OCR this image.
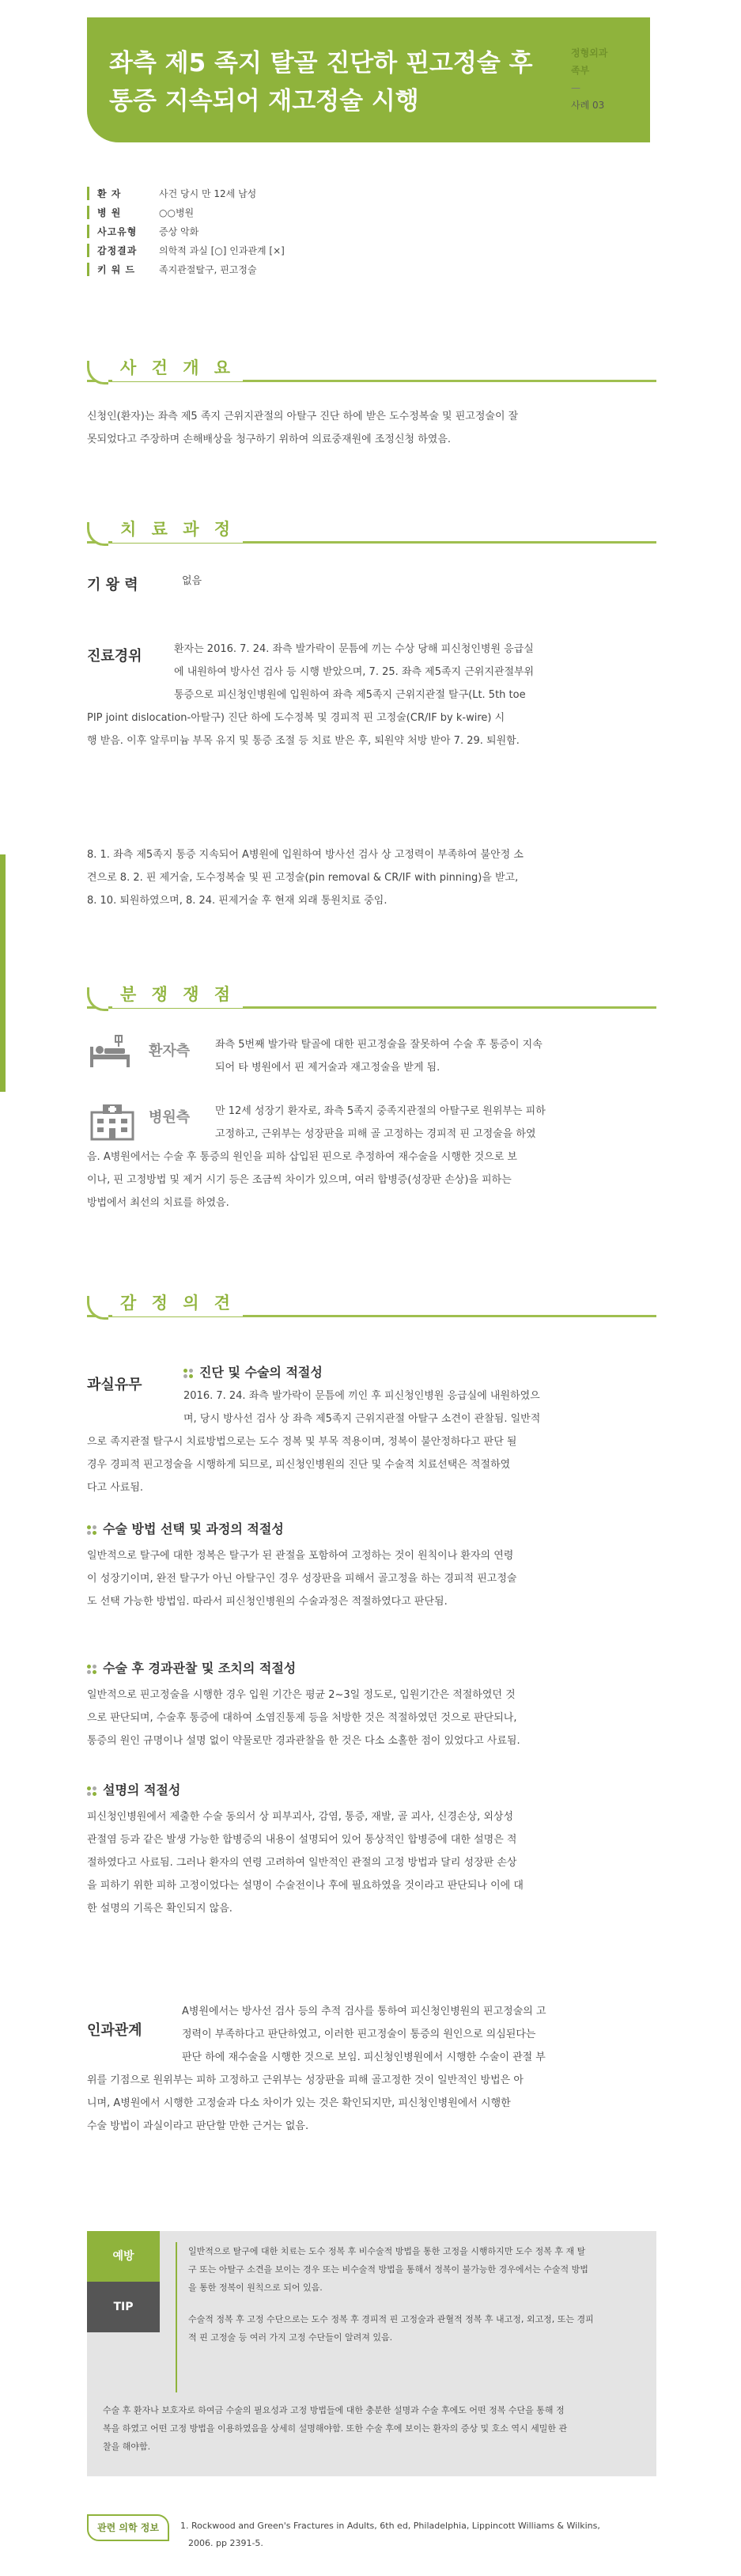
좌측 제5 족지 탈골 진단하 핀고정술 후
통증 지속되어 재고정술 시행
정형외과
족부
—
사례 03
환 자	사건 당시 만 12세 남성
병 원	○○병원
사고유형	증상 악화
감정결과	의학적 과실 [○] 인과관계 [×]
키 워 드	족지관절탈구, 핀고정술
사 건 개 요
신청인(환자)는 좌측 제5 족지 근위지관절의 아탈구 진단 하에 받은 도수정복술 및 핀고정술이 잘
못되었다고 주장하며 손해배상을 청구하기 위하여 의료중재원에 조정신청 하였음.
치 료 과 정
기 왕 력	없음
진료경위	환자는 2016. 7. 24. 좌측 발가락이 문틈에 끼는 수상 당해 피신청인병원 응급실
에 내원하여 방사선 검사 등 시행 받았으며, 7. 25. 좌측 제5족지 근위지관절부위
통증으로 피신청인병원에 입원하여 좌측 제5족지 근위지관절 탈구(Lt. 5th toe
PIP joint dislocation-아탈구) 진단 하에 도수정복 및 경피적 핀 고정술(CR/IF by k-wire) 시
행 받음. 이후 알루미늄 부목 유지 및 통증 조절 등 치료 받은 후, 퇴원약 처방 받아 7. 29. 퇴원함.
8. 1. 좌측 제5족지 통증 지속되어 A병원에 입원하여 방사선 검사 상 고정력이 부족하여 불안정 소
견으로 8. 2. 핀 제거술, 도수정복술 및 핀 고정술(pin removal & CR/IF with pinning)을 받고,
8. 10. 퇴원하였으며, 8. 24. 핀제거술 후 현재 외래 통원치료 중임.
분 쟁 쟁 점
환자측 좌측 5번째 발가락 탈골에 대한 핀고정술을 잘못하여 수술 후 통증이 지속
되어 타 병원에서 핀 제거술과 재고정술을 받게 됨.
병원측	만 12세 성장기 환자로, 좌측 5족지 중족지관절의 아탈구로 원위부는 피하
고정하고, 근위부는 성장판을 피해 골 고정하는 경피적 핀 고정술을 하였
음. A병원에서는 수술 후 통증의 원인을 피하 삽입된 핀으로 추정하여 재수술을 시행한 것으로 보
이나, 핀 고정방법 및 제거 시기 등은 조금씩 차이가 있으며, 여러 합병증(성장판 손상)을 피하는
방법에서 최선의 치료를 하였음.
감 정 의 견
과실유무
진단 및 수술의 적절성
2016. 7. 24. 좌측 발가락이 문틈에 끼인 후 피신청인병원 응급실에 내원하였으
며, 당시 방사선 검사 상 좌측 제5족지 근위지관절 아탈구 소견이 관찰됨. 일반적
으로 족지관절 탈구시 치료방법으로는 도수 정복 및 부목 적용이며, 정복이 불안정하다고 판단 될
경우 경피적 핀고정술을 시행하게 되므로, 피신청인병원의 진단 및 수술적 치료선택은 적절하였
다고 사료됨.
수술 방법 선택 및 과정의 적절성
일반적으로 탈구에 대한 정복은 탈구가 된 관절을 포함하여 고정하는 것이 원칙이나 환자의 연령
이 성장기이며, 완전 탈구가 아닌 아탈구인 경우 성장판을 피해서 골고정을 하는 경피적 핀고정술
도 선택 가능한 방법임. 따라서 피신청인병원의 수술과정은 적절하였다고 판단됨.
수술 후 경과관찰 및 조치의 적절성
일반적으로 핀고정술을 시행한 경우 입원 기간은 평균 2~3일 정도로, 입원기간은 적절하였던 것
으로 판단되며, 수술후 통증에 대하여 소염진통제 등을 처방한 것은 적절하였던 것으로 판단되나,
통증의 원인 규명이나 설명 없이 약물로만 경과관찰을 한 것은 다소 소홀한 점이 있었다고 사료됨.
설명의 적절성
피신청인병원에서 제출한 수술 동의서 상 피부괴사, 감염, 통증, 재발, 골 괴사, 신경손상, 외상성
관절염 등과 같은 발생 가능한 합병증의 내용이 설명되어 있어 통상적인 합병증에 대한 설명은 적
절하였다고 사료됨. 그러나 환자의 연령 고려하여 일반적인 관절의 고정 방법과 달리 성장판 손상
을 피하기 위한 피하 고정이었다는 설명이 수술전이나 후에 필요하였을 것이라고 판단되나 이에 대
한 설명의 기록은 확인되지 않음.
인과관계
A병원에서는 방사선 검사 등의 추적 검사를 통하여 피신청인병원의 핀고정술의 고
정력이 부족하다고 판단하였고, 이러한 핀고정술이 통증의 원인으로 의심된다는
판단 하에 재수술을 시행한 것으로 보임. 피신청인병원에서 시행한 수술이 관절 부
위를 기점으로 원위부는 피하 고정하고 근위부는 성장판을 피해 골고정한 것이 일반적인 방법은 아
니며, A병원에서 시행한 고정술과 다소 차이가 있는 것은 확인되지만, 피신청인병원에서 시행한
수술 방법이 과실이라고 판단할 만한 근거는 없음.
예방
TIP

일반적으로 탈구에 대한 치료는 도수 정복 후 비수술적 방법을 통한 고정을 시행하지만 도수 정복 후 재 탈
구 또는 아탈구 소견을 보이는 경우 또는 비수술적 방법을 통해서 정복이 불가능한 경우에서는 수술적 방법
을 통한 정복이 원칙으로 되어 있음.

수술적 정복 후 고정 수단으로는 도수 정복 후 경피적 핀 고정술과 관혈적 정복 후 내고정, 외고정, 또는 경피
적 핀 고정술 등 여러 가지 고정 수단들이 알려져 있음.

수술 후 환자나 보호자로 하여금 수술의 필요성과 고정 방법들에 대한 충분한 설명과 수술 후에도 어떤 정복 수단을 통해 정
복을 하였고 어떤 고정 방법을 이용하였음을 상세히 설명해야함. 또한 수술 후에 보이는 환자의 증상 및 호소 역시 세밀한 관
찰을 해야함.

관련 의학 정보	1. Rockwood and Green's Fractures in Adults, 6th ed, Philadelphia, Lippincott Williams & Wilkins,
2006. pp 2391-5.
